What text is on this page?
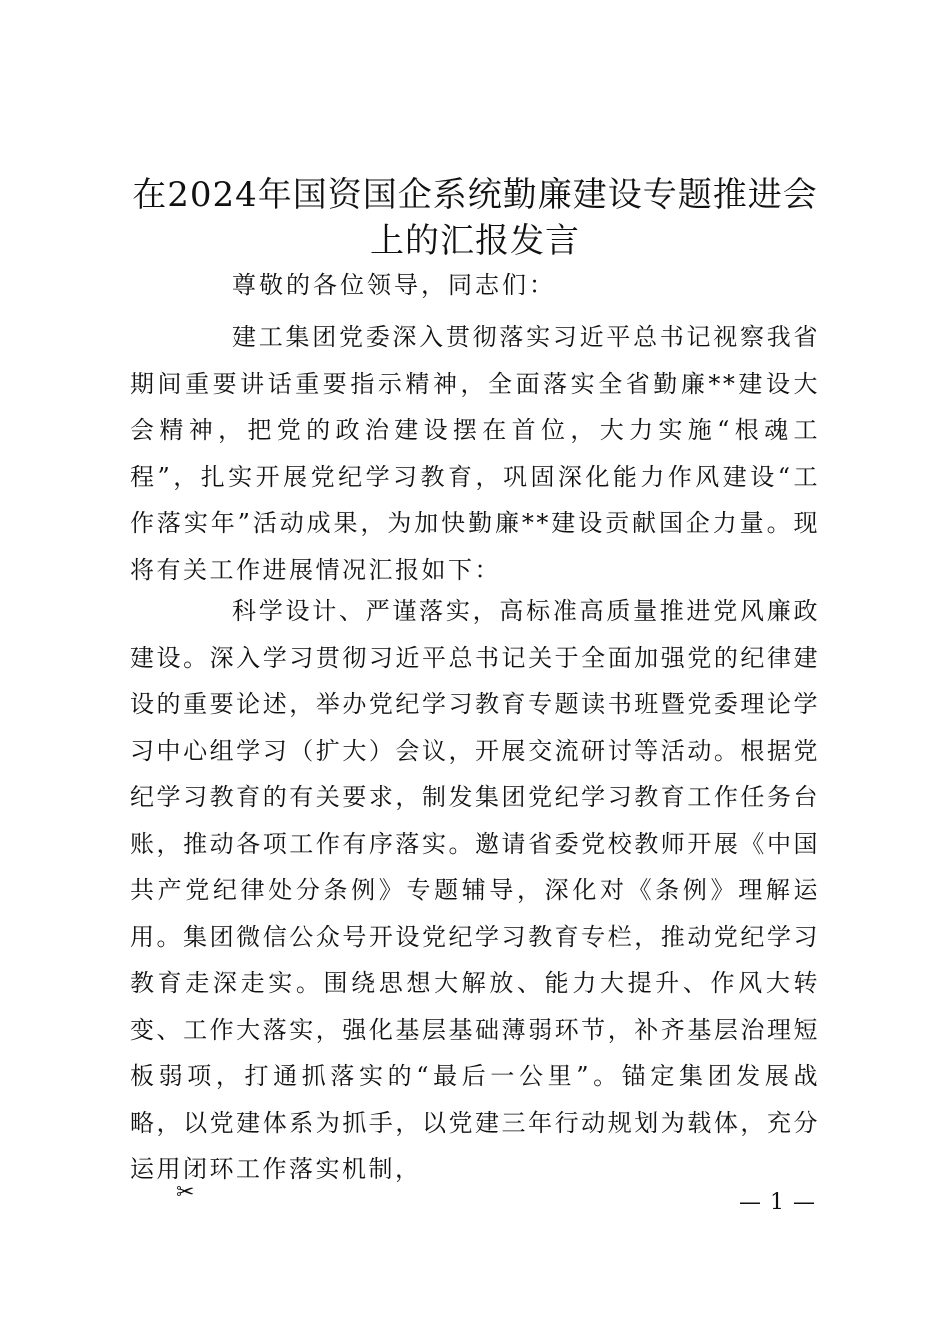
在2024年国资国企系统勤廉建设专题推进会
上的汇报发言

尊敬的各位领导，同志们：

建工集团党委深入贯彻落实习近平总书记视察我省期间重要讲话重要指示精神，全面落实全省勤廉**建设大会精神，把党的政治建设摆在首位，大力实施“根魂工程”，扎实开展党纪学习教育，巩固深化能力作风建设“工作落实年”活动成果，为加快勤廉**建设贡献国企力量。现将有关工作进展情况汇报如下：

科学设计、严谨落实，高标准高质量推进党风廉政建设。深入学习贯彻习近平总书记关于全面加强党的纪律建设的重要论述，举办党纪学习教育专题读书班暨党委理论学习中心组学习（扩大）会议，开展交流研讨等活动。根据党纪学习教育的有关要求，制发集团党纪学习教育工作任务台账，推动各项工作有序落实。邀请省委党校教师开展《中国共产党纪律处分条例》专题辅导，深化对《条例》理解运用。集团微信公众号开设党纪学习教育专栏，推动党纪学习教育走深走实。围绕思想大解放、能力大提升、作风大转变、工作大落实，强化基层基础薄弱环节，补齐基层治理短板弱项，打通抓落实的“最后一公里”。锚定集团发展战略，以党建体系为抓手，以党建三年行动规划为载体，充分运用闭环工作落实机制，

✂	— 1 —
